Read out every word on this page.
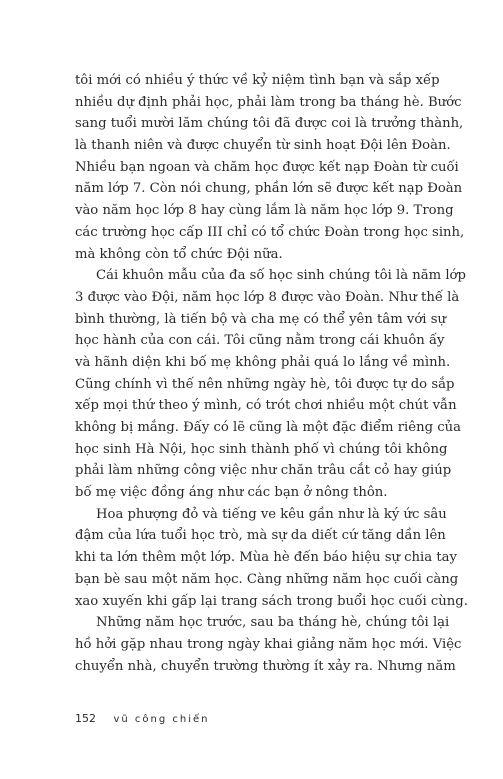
tôi mới có nhiều ý thức về kỷ niệm tình bạn và sắp xếp
nhiều dự định phải học, phải làm trong ba tháng hè. Bước
sang tuổi mười lăm chúng tôi đã được coi là trưởng thành,
là thanh niên và được chuyển từ sinh hoạt Đội lên Đoàn.
Nhiều bạn ngoan và chăm học được kết nạp Đoàn từ cuối
năm lớp 7. Còn nói chung, phần lớn sẽ được kết nạp Đoàn
vào năm học lớp 8 hay cùng lắm là năm học lớp 9. Trong
các trường học cấp III chỉ có tổ chức Đoàn trong học sinh,
mà không còn tổ chức Đội nữa.
Cái khuôn mẫu của đa số học sinh chúng tôi là năm lớp
3 được vào Đội, năm học lớp 8 được vào Đoàn. Như thế là
bình thường, là tiến bộ và cha mẹ có thể yên tâm với sự
học hành của con cái. Tôi cũng nằm trong cái khuôn ấy
và hãnh diện khi bố mẹ không phải quá lo lắng về mình.
Cũng chính vì thế nên những ngày hè, tôi được tự do sắp
xếp mọi thứ theo ý mình, có trót chơi nhiều một chút vẫn
không bị mắng. Đấy có lẽ cũng là một đặc điểm riêng của
học sinh Hà Nội, học sinh thành phố vì chúng tôi không
phải làm những công việc như chăn trâu cắt cỏ hay giúp
bố mẹ việc đồng áng như các bạn ở nông thôn.
Hoa phượng đỏ và tiếng ve kêu gần như là ký ức sâu
đậm của lứa tuổi học trò, mà sự da diết cứ tăng dần lên
khi ta lớn thêm một lớp. Mùa hè đến báo hiệu sự chia tay
bạn bè sau một năm học. Càng những năm học cuối càng
xao xuyến khi gấp lại trang sách trong buổi học cuối cùng.
Những năm học trước, sau ba tháng hè, chúng tôi lại
hồ hởi gặp nhau trong ngày khai giảng năm học mới. Việc
chuyển nhà, chuyển trường thường ít xảy ra. Nhưng năm
152 vũ công chiến
